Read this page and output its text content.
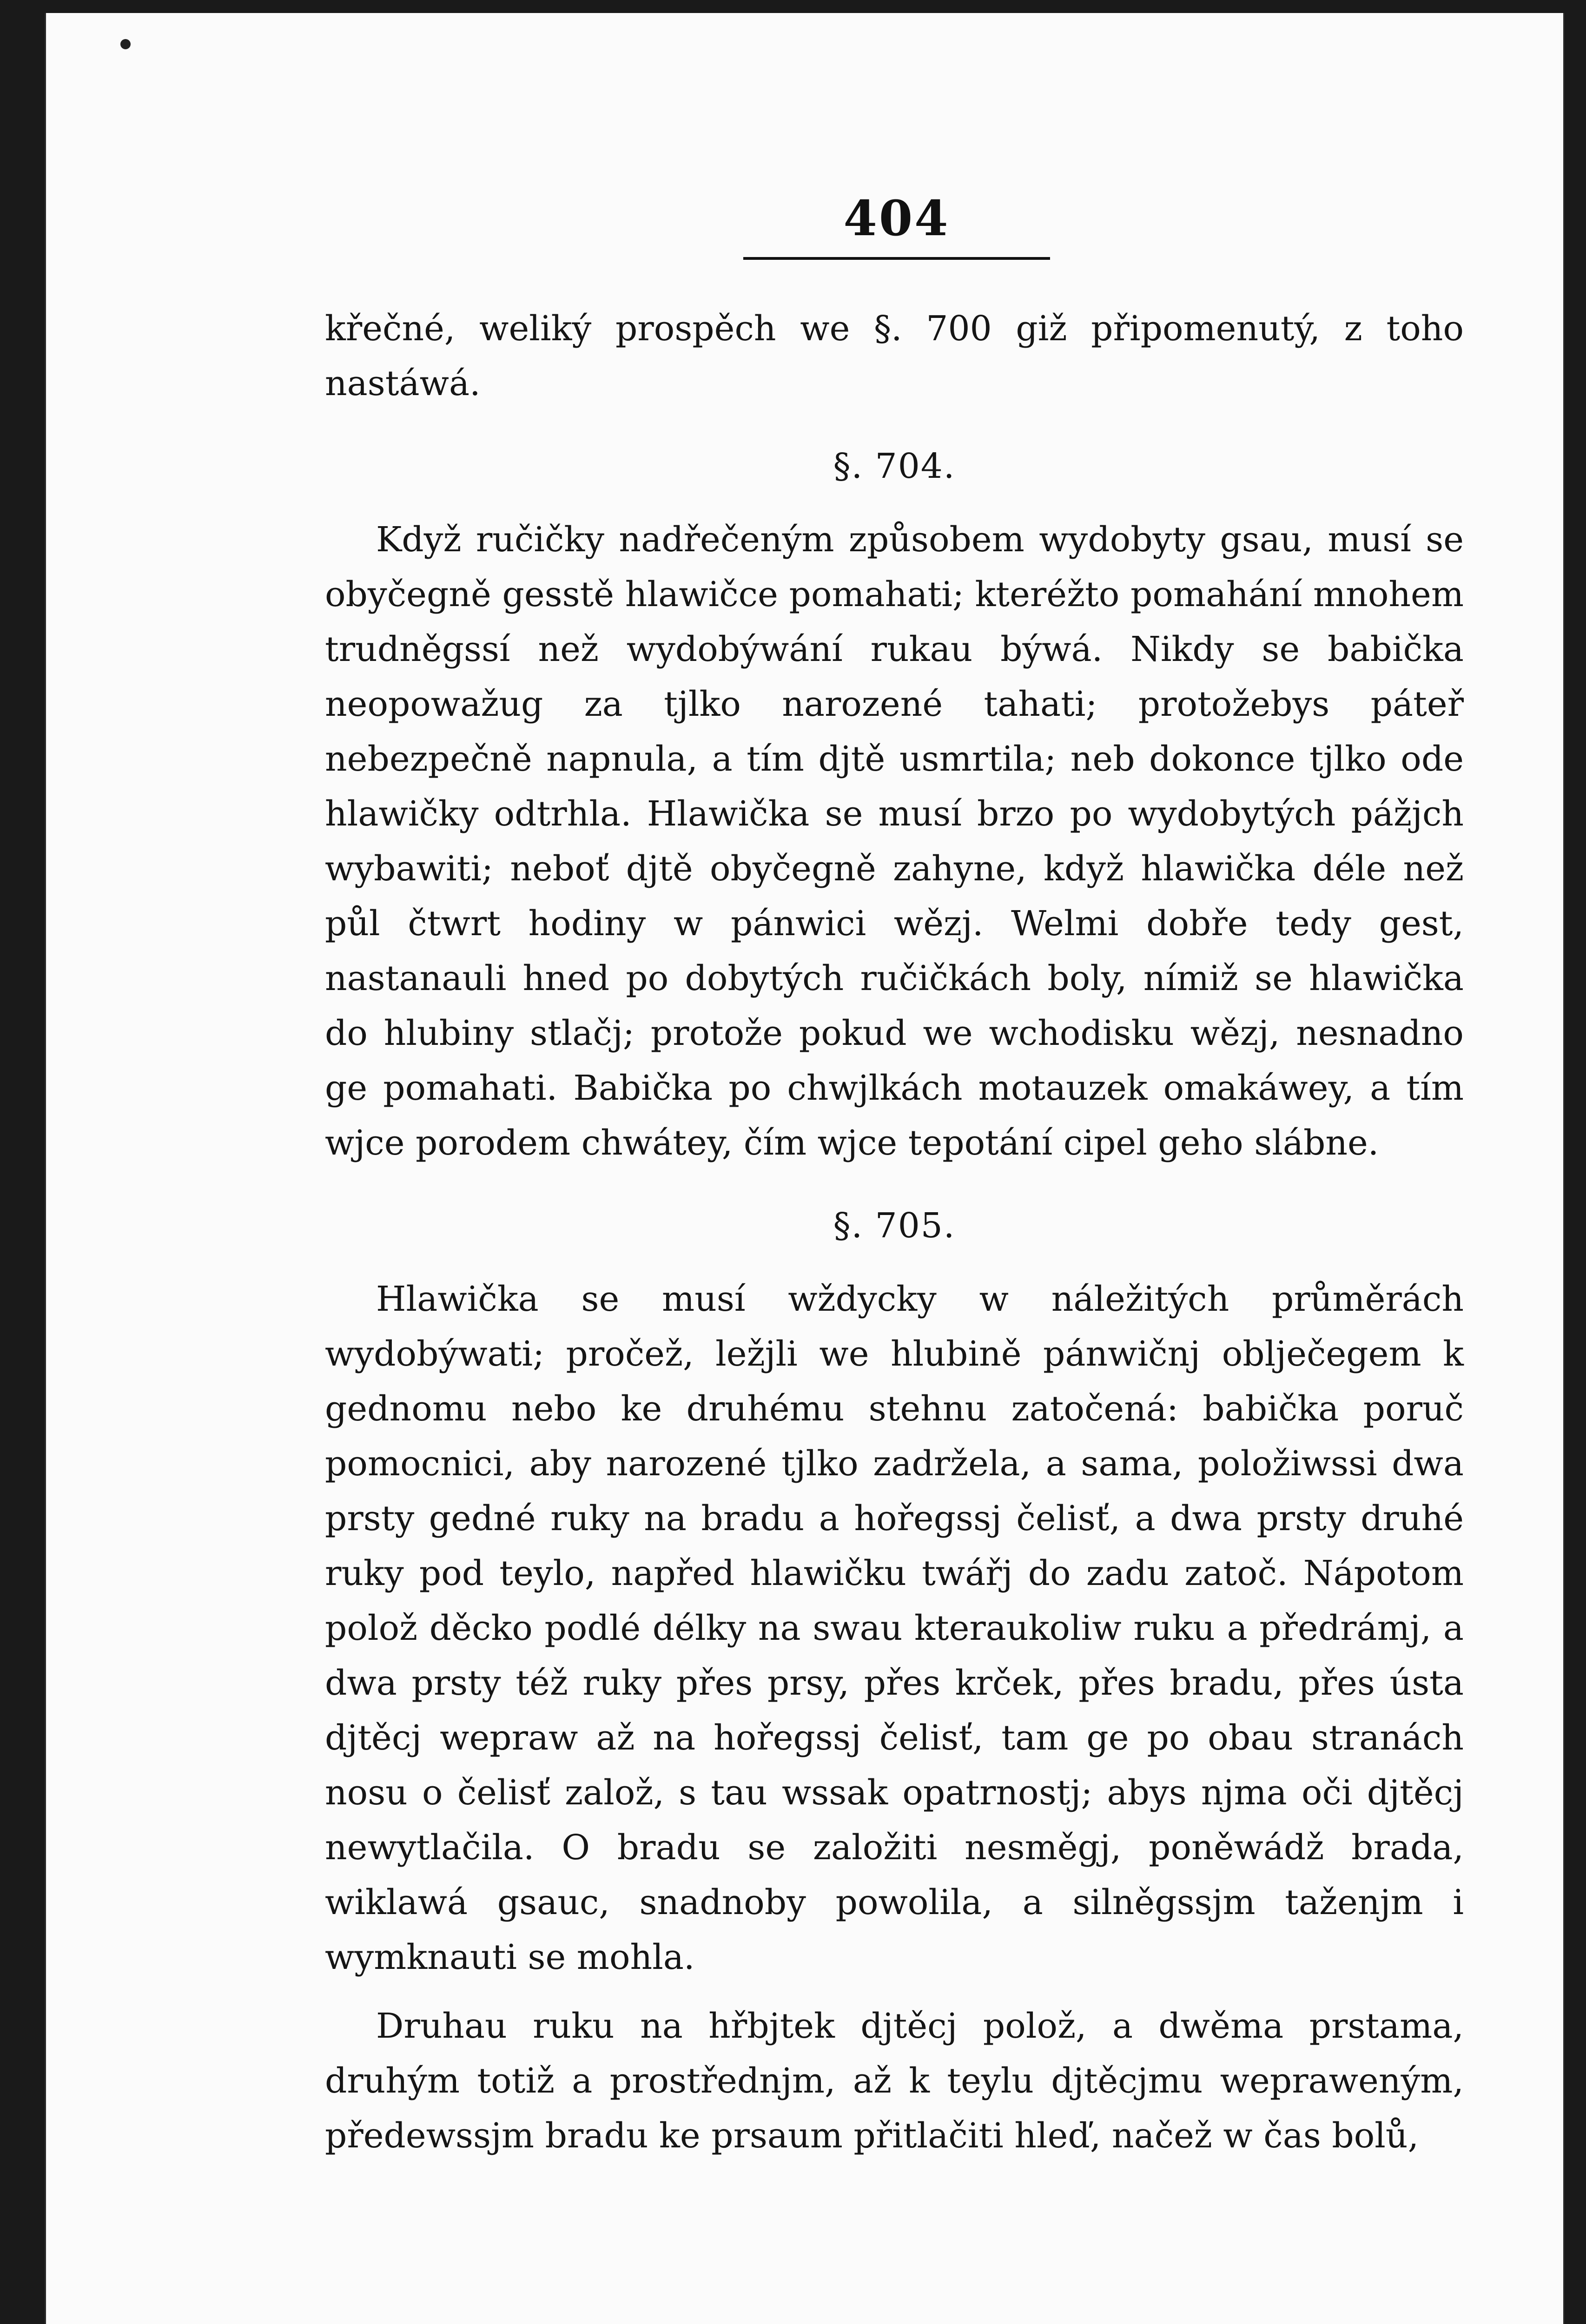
404

křečné, weliký prospěch we §. 700 giž připomenutý, z toho nastáwá.

§. 704.

Když ručičky nadřečeným způsobem wydobyty gsau, musí se obyčegně gesstě hlawičce pomahati; kteréžto pomahání mnohem trudněgssí než wydobýwání rukau býwá. Nikdy se babička neopowažug za tjlko narozené tahati; protožebys páteř nebezpečně napnula, a tím djtě usmrtila; neb dokonce tjlko ode hlawičky odtrhla. Hlawička se musí brzo po wydobytých pážjch wybawiti; neboť djtě obyčegně zahyne, když hlawička déle než půl čtwrt hodiny w pánwici wězj. Welmi dobře tedy gest, nastanauli hned po dobytých ručičkách boly, nímiž se hlawička do hlubiny stlačj; protože pokud we wchodisku wězj, nesnadno ge pomahati. Babička po chwjlkách motauzek omakáwey, a tím wjce porodem chwátey, čím wjce tepotání cipel geho slábne.

§. 705.

Hlawička se musí wždycky w náležitých průměrách wydobýwati; pročež, ležjli we hlubině pánwičnj oblječegem k gednomu nebo ke druhému stehnu zatočená: babička poruč pomocnici, aby narozené tjlko zadržela, a sama, položiwssi dwa prsty gedné ruky na bradu a hořegssj čelisť, a dwa prsty druhé ruky pod teylo, napřed hlawičku twářj do zadu zatoč. Nápotom polož děcko podlé délky na swau kteraukoliw ruku a předrámj, a dwa prsty též ruky přes prsy, přes krček, přes bradu, přes ústa djtěcj wepraw až na hořegssj čelisť, tam ge po obau stranách nosu o čelisť založ, s tau wssak opatrnostj; abys njma oči djtěcj newytlačila. O bradu se založiti nesměgj, poněwádž brada, wiklawá gsauc, snadnoby powolila, a silněgssjm taženjm i wymknauti se mohla.

Druhau ruku na hřbjtek djtěcj polož, a dwěma prstama, druhým totiž a prostřednjm, až k teylu djtěcjmu wepraweným, předewssjm bradu ke prsaum přitlačiti hleď, načež w čas bolů,
